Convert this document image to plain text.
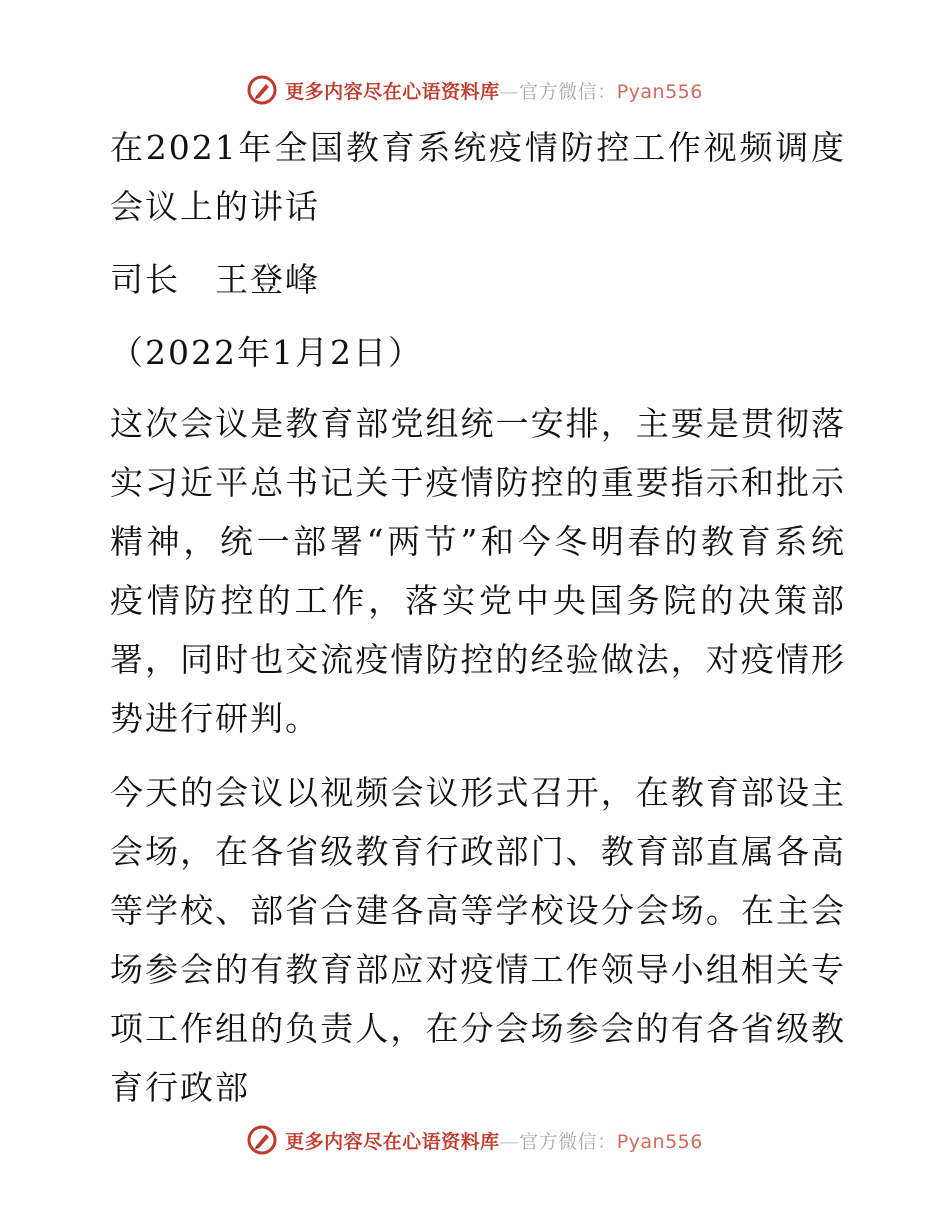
更多内容尽在心语资料库—官方微信：Pyan556

在2021年全国教育系统疫情防控工作视频调度会议上的讲话

司长　王登峰

（2022年1月2日）

这次会议是教育部党组统一安排，主要是贯彻落实习近平总书记关于疫情防控的重要指示和批示精神，统一部署“两节”和今冬明春的教育系统疫情防控的工作，落实党中央国务院的决策部署，同时也交流疫情防控的经验做法，对疫情形势进行研判。

今天的会议以视频会议形式召开，在教育部设主会场，在各省级教育行政部门、教育部直属各高等学校、部省合建各高等学校设分会场。在主会场参会的有教育部应对疫情工作领导小组相关专项工作组的负责人，在分会场参会的有各省级教育行政部

更多内容尽在心语资料库—官方微信：Pyan556
